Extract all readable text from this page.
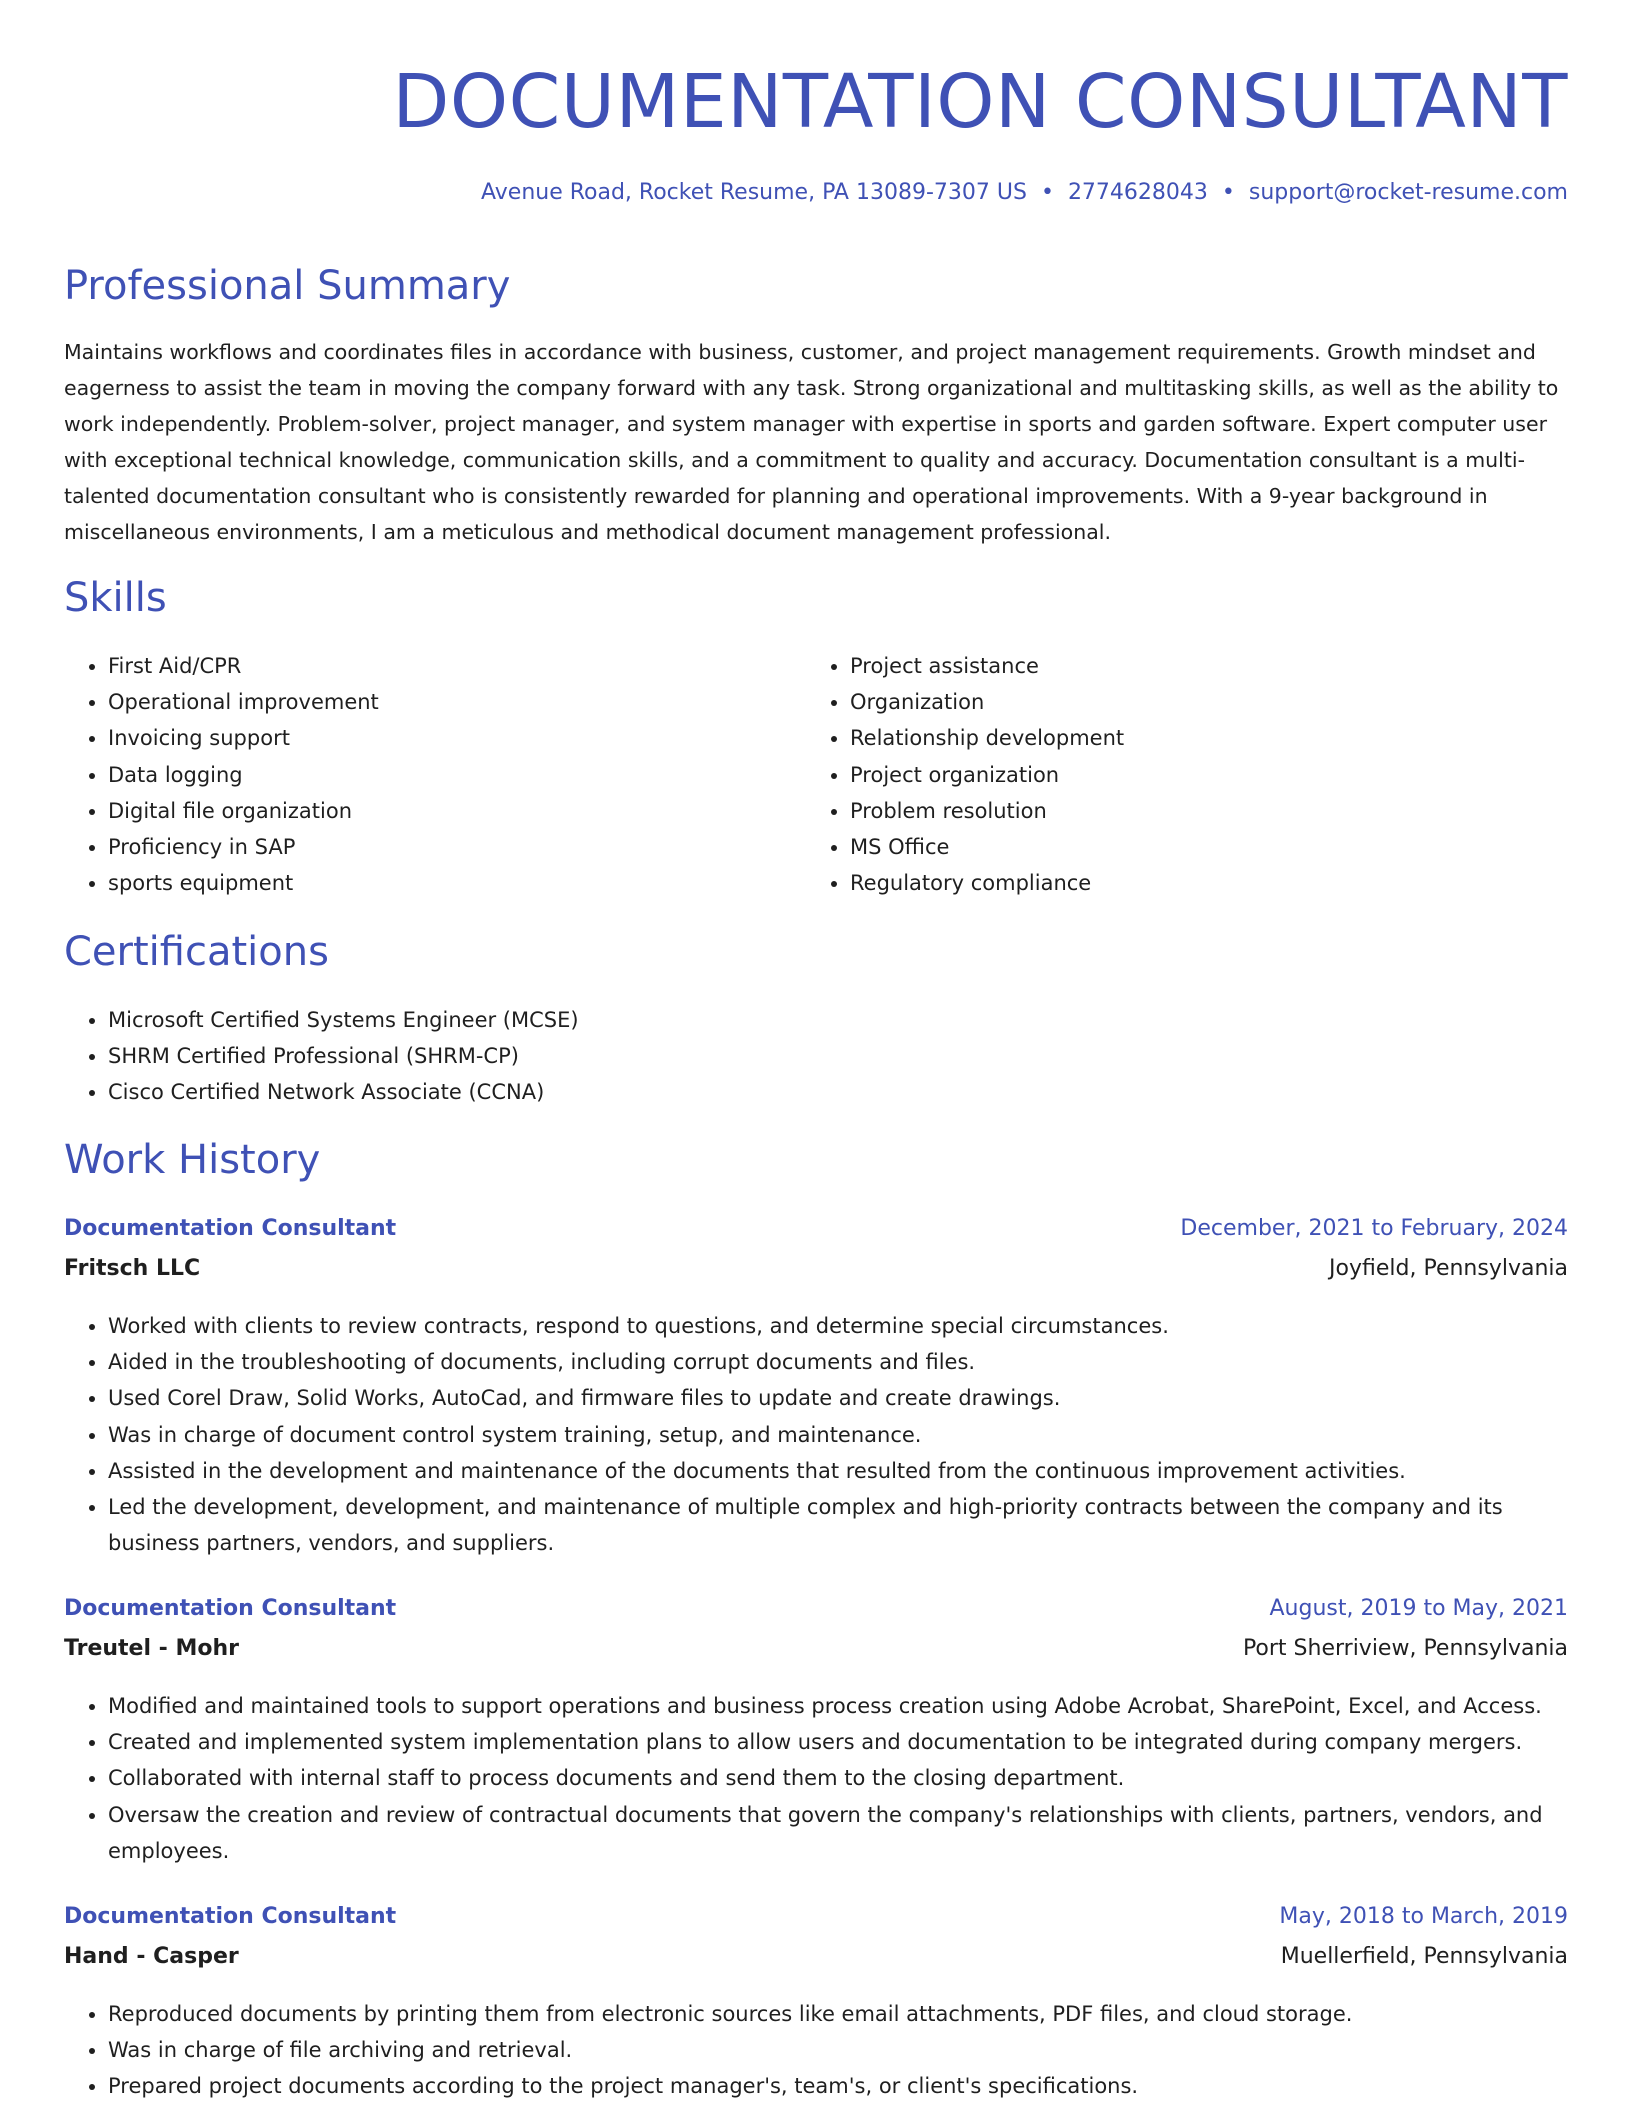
DOCUMENTATION CONSULTANT
Avenue Road, Rocket Resume, PA 13089-7307 US • 2774628043 • support@rocket-resume.com
Professional Summary

Maintains workflows and coordinates files in accordance with business, customer, and project management requirements. Growth mindset and eagerness to assist the team in moving the company forward with any task. Strong organizational and multitasking skills, as well as the ability to work independently. Problem-solver, project manager, and system manager with expertise in sports and garden software. Expert computer user with exceptional technical knowledge, communication skills, and a commitment to quality and accuracy. Documentation consultant is a multi-talented documentation consultant who is consistently rewarded for planning and operational improvements. With a 9-year background in miscellaneous environments, I am a meticulous and methodical document management professional.

Skills
• First Aid/CPR
• Operational improvement
• Invoicing support
• Data logging
• Digital file organization
• Proficiency in SAP
• sports equipment
• Project assistance
• Organization
• Relationship development
• Project organization
• Problem resolution
• MS Office
• Regulatory compliance
Certifications
• Microsoft Certified Systems Engineer (MCSE)
• SHRM Certified Professional (SHRM-CP)
• Cisco Certified Network Associate (CCNA)
Work History
Documentation Consultant	December, 2021 to February, 2024
Fritsch LLC	Joyfield, Pennsylvania
• Worked with clients to review contracts, respond to questions, and determine special circumstances.
• Aided in the troubleshooting of documents, including corrupt documents and files.
• Used Corel Draw, Solid Works, AutoCad, and firmware files to update and create drawings.
• Was in charge of document control system training, setup, and maintenance.
• Assisted in the development and maintenance of the documents that resulted from the continuous improvement activities.
• Led the development, development, and maintenance of multiple complex and high-priority contracts between the company and its business partners, vendors, and suppliers.
Documentation Consultant	August, 2019 to May, 2021
Treutel - Mohr	Port Sherriview, Pennsylvania
• Modified and maintained tools to support operations and business process creation using Adobe Acrobat, SharePoint, Excel, and Access.
• Created and implemented system implementation plans to allow users and documentation to be integrated during company mergers.
• Collaborated with internal staff to process documents and send them to the closing department.
• Oversaw the creation and review of contractual documents that govern the company's relationships with clients, partners, vendors, and employees.
Documentation Consultant	May, 2018 to March, 2019
Hand - Casper	Muellerfield, Pennsylvania
• Reproduced documents by printing them from electronic sources like email attachments, PDF files, and cloud storage.
• Was in charge of file archiving and retrieval.
• Prepared project documents according to the project manager's, team's, or client's specifications.
